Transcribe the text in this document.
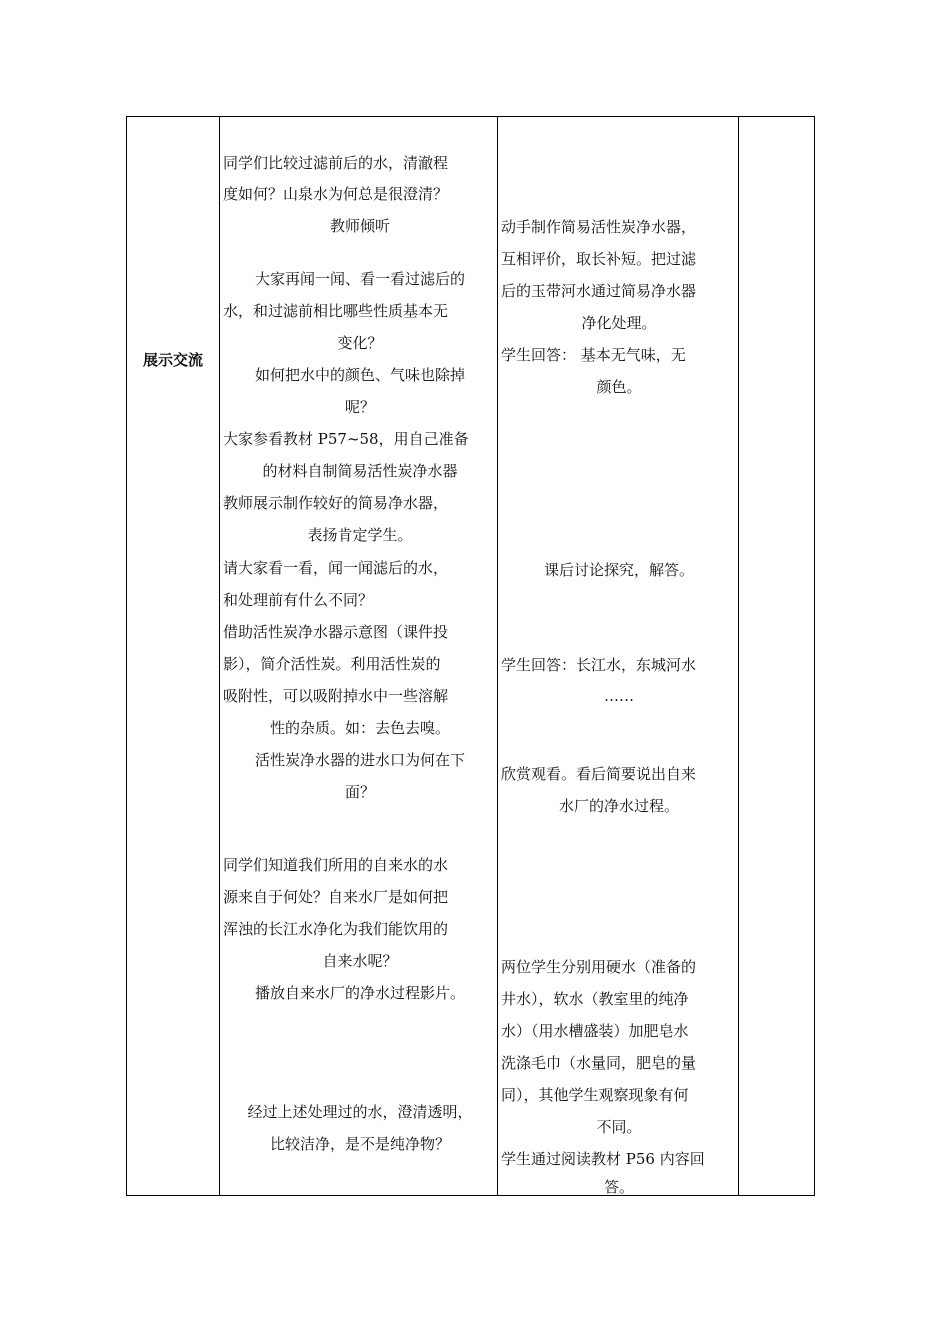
展示交流
同学们比较过滤前后的水，清澈程
度如何？山泉水为何总是很澄清？
教师倾听
大家再闻一闻、看一看过滤后的
水，和过滤前相比哪些性质基本无
变化？
如何把水中的颜色、气味也除掉
呢？
大家参看教材 P57~58，用自己准备
的材料自制简易活性炭净水器
教师展示制作较好的简易净水器，
表扬肯定学生。
请大家看一看，闻一闻滤后的水，
和处理前有什么不同？
借助活性炭净水器示意图（课件投
影），简介活性炭。利用活性炭的
吸附性，可以吸附掉水中一些溶解
性的杂质。如：去色去嗅。
活性炭净水器的进水口为何在下
面？
同学们知道我们所用的自来水的水
源来自于何处？自来水厂是如何把
浑浊的长江水净化为我们能饮用的
自来水呢？
播放自来水厂的净水过程影片。
经过上述处理过的水，澄清透明，
比较洁净，是不是纯净物？
动手制作简易活性炭净水器，
互相评价，取长补短。把过滤
后的玉带河水通过简易净水器
净化处理。
学生回答： 基本无气味，无
颜色。
课后讨论探究，解答。
学生回答：长江水，东城河水
……
欣赏观看。看后简要说出自来
水厂的净水过程。
两位学生分别用硬水（准备的
井水），软水（教室里的纯净
水）（用水槽盛装）加肥皂水
洗涤毛巾（水量同，肥皂的量
同），其他学生观察现象有何
不同。
学生通过阅读教材 P56 内容回
答。
